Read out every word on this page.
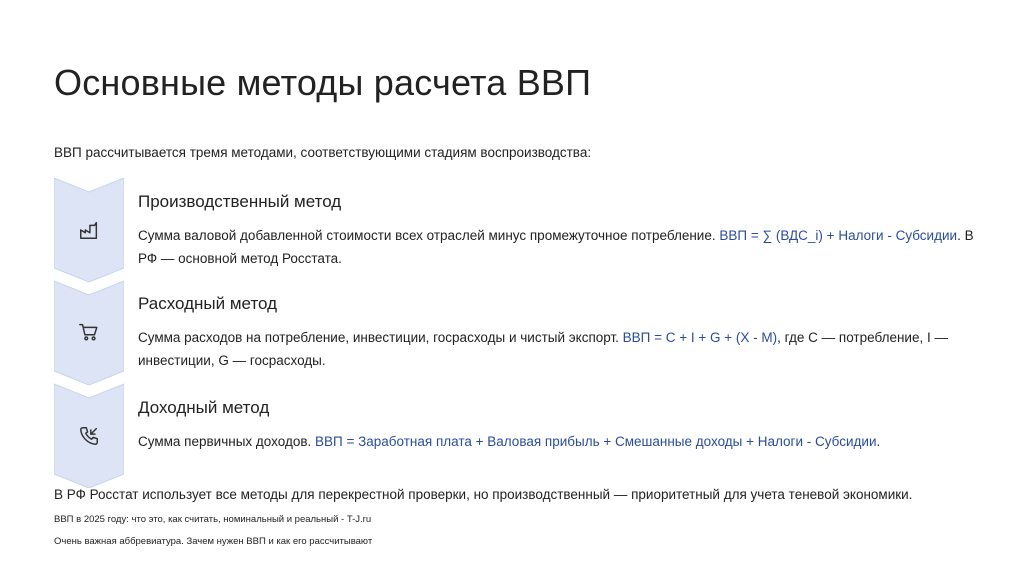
Основные методы расчета ВВП
ВВП рассчитывается тремя методами, соответствующими стадиям воспроизводства:
Производственный метод
Сумма валовой добавленной стоимости всех отраслей минус промежуточное потребление. ВВП = ∑ (ВДС_i) + Налоги - Субсидии. В РФ — основной метод Росстата.
Расходный метод
Сумма расходов на потребление, инвестиции, госрасходы и чистый экспорт. ВВП = C + I + G + (X - M), где C — потребление, I — инвестиции, G — госрасходы.
Доходный метод
Сумма первичных доходов. ВВП = Заработная плата + Валовая прибыль + Смешанные доходы + Налоги - Субсидии.
В РФ Росстат использует все методы для перекрестной проверки, но производственный — приоритетный для учета теневой экономики.
ВВП в 2025 году: что это, как считать, номинальный и реальный - T-J.ru
Очень важная аббревиатура. Зачем нужен ВВП и как его рассчитывают
